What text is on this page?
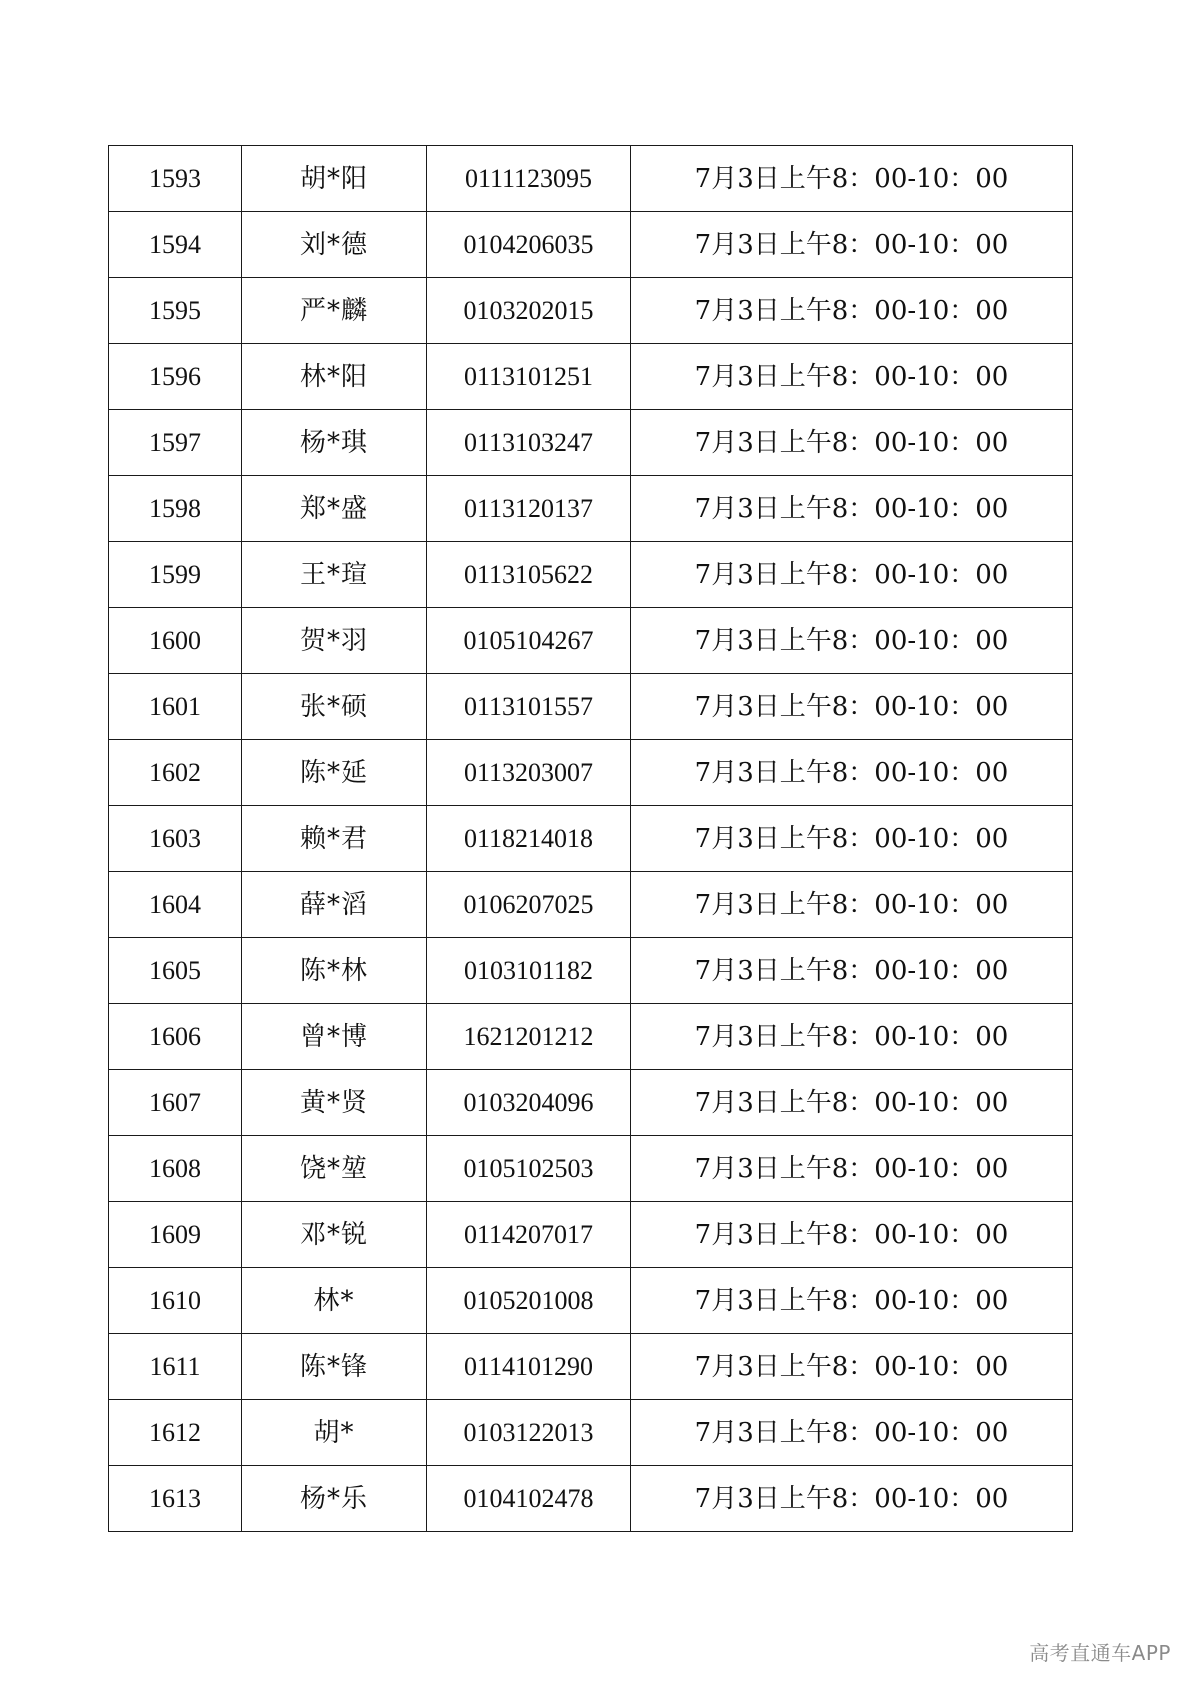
1593	胡*阳	0111123095	7月3日上午8：00-10：00
1594	刘*德	0104206035	7月3日上午8：00-10：00
1595	严*麟	0103202015	7月3日上午8：00-10：00
1596	林*阳	0113101251	7月3日上午8：00-10：00
1597	杨*琪	0113103247	7月3日上午8：00-10：00
1598	郑*盛	0113120137	7月3日上午8：00-10：00
1599	王*瑄	0113105622	7月3日上午8：00-10：00
1600	贺*羽	0105104267	7月3日上午8：00-10：00
1601	张*硕	0113101557	7月3日上午8：00-10：00
1602	陈*延	0113203007	7月3日上午8：00-10：00
1603	赖*君	0118214018	7月3日上午8：00-10：00
1604	薛*滔	0106207025	7月3日上午8：00-10：00
1605	陈*林	0103101182	7月3日上午8：00-10：00
1606	曾*博	1621201212	7月3日上午8：00-10：00
1607	黄*贤	0103204096	7月3日上午8：00-10：00
1608	饶*堃	0105102503	7月3日上午8：00-10：00
1609	邓*锐	0114207017	7月3日上午8：00-10：00
1610	林*	0105201008	7月3日上午8：00-10：00
1611	陈*锋	0114101290	7月3日上午8：00-10：00
1612	胡*	0103122013	7月3日上午8：00-10：00
1613	杨*乐	0104102478	7月3日上午8：00-10：00
高考直通车APP
